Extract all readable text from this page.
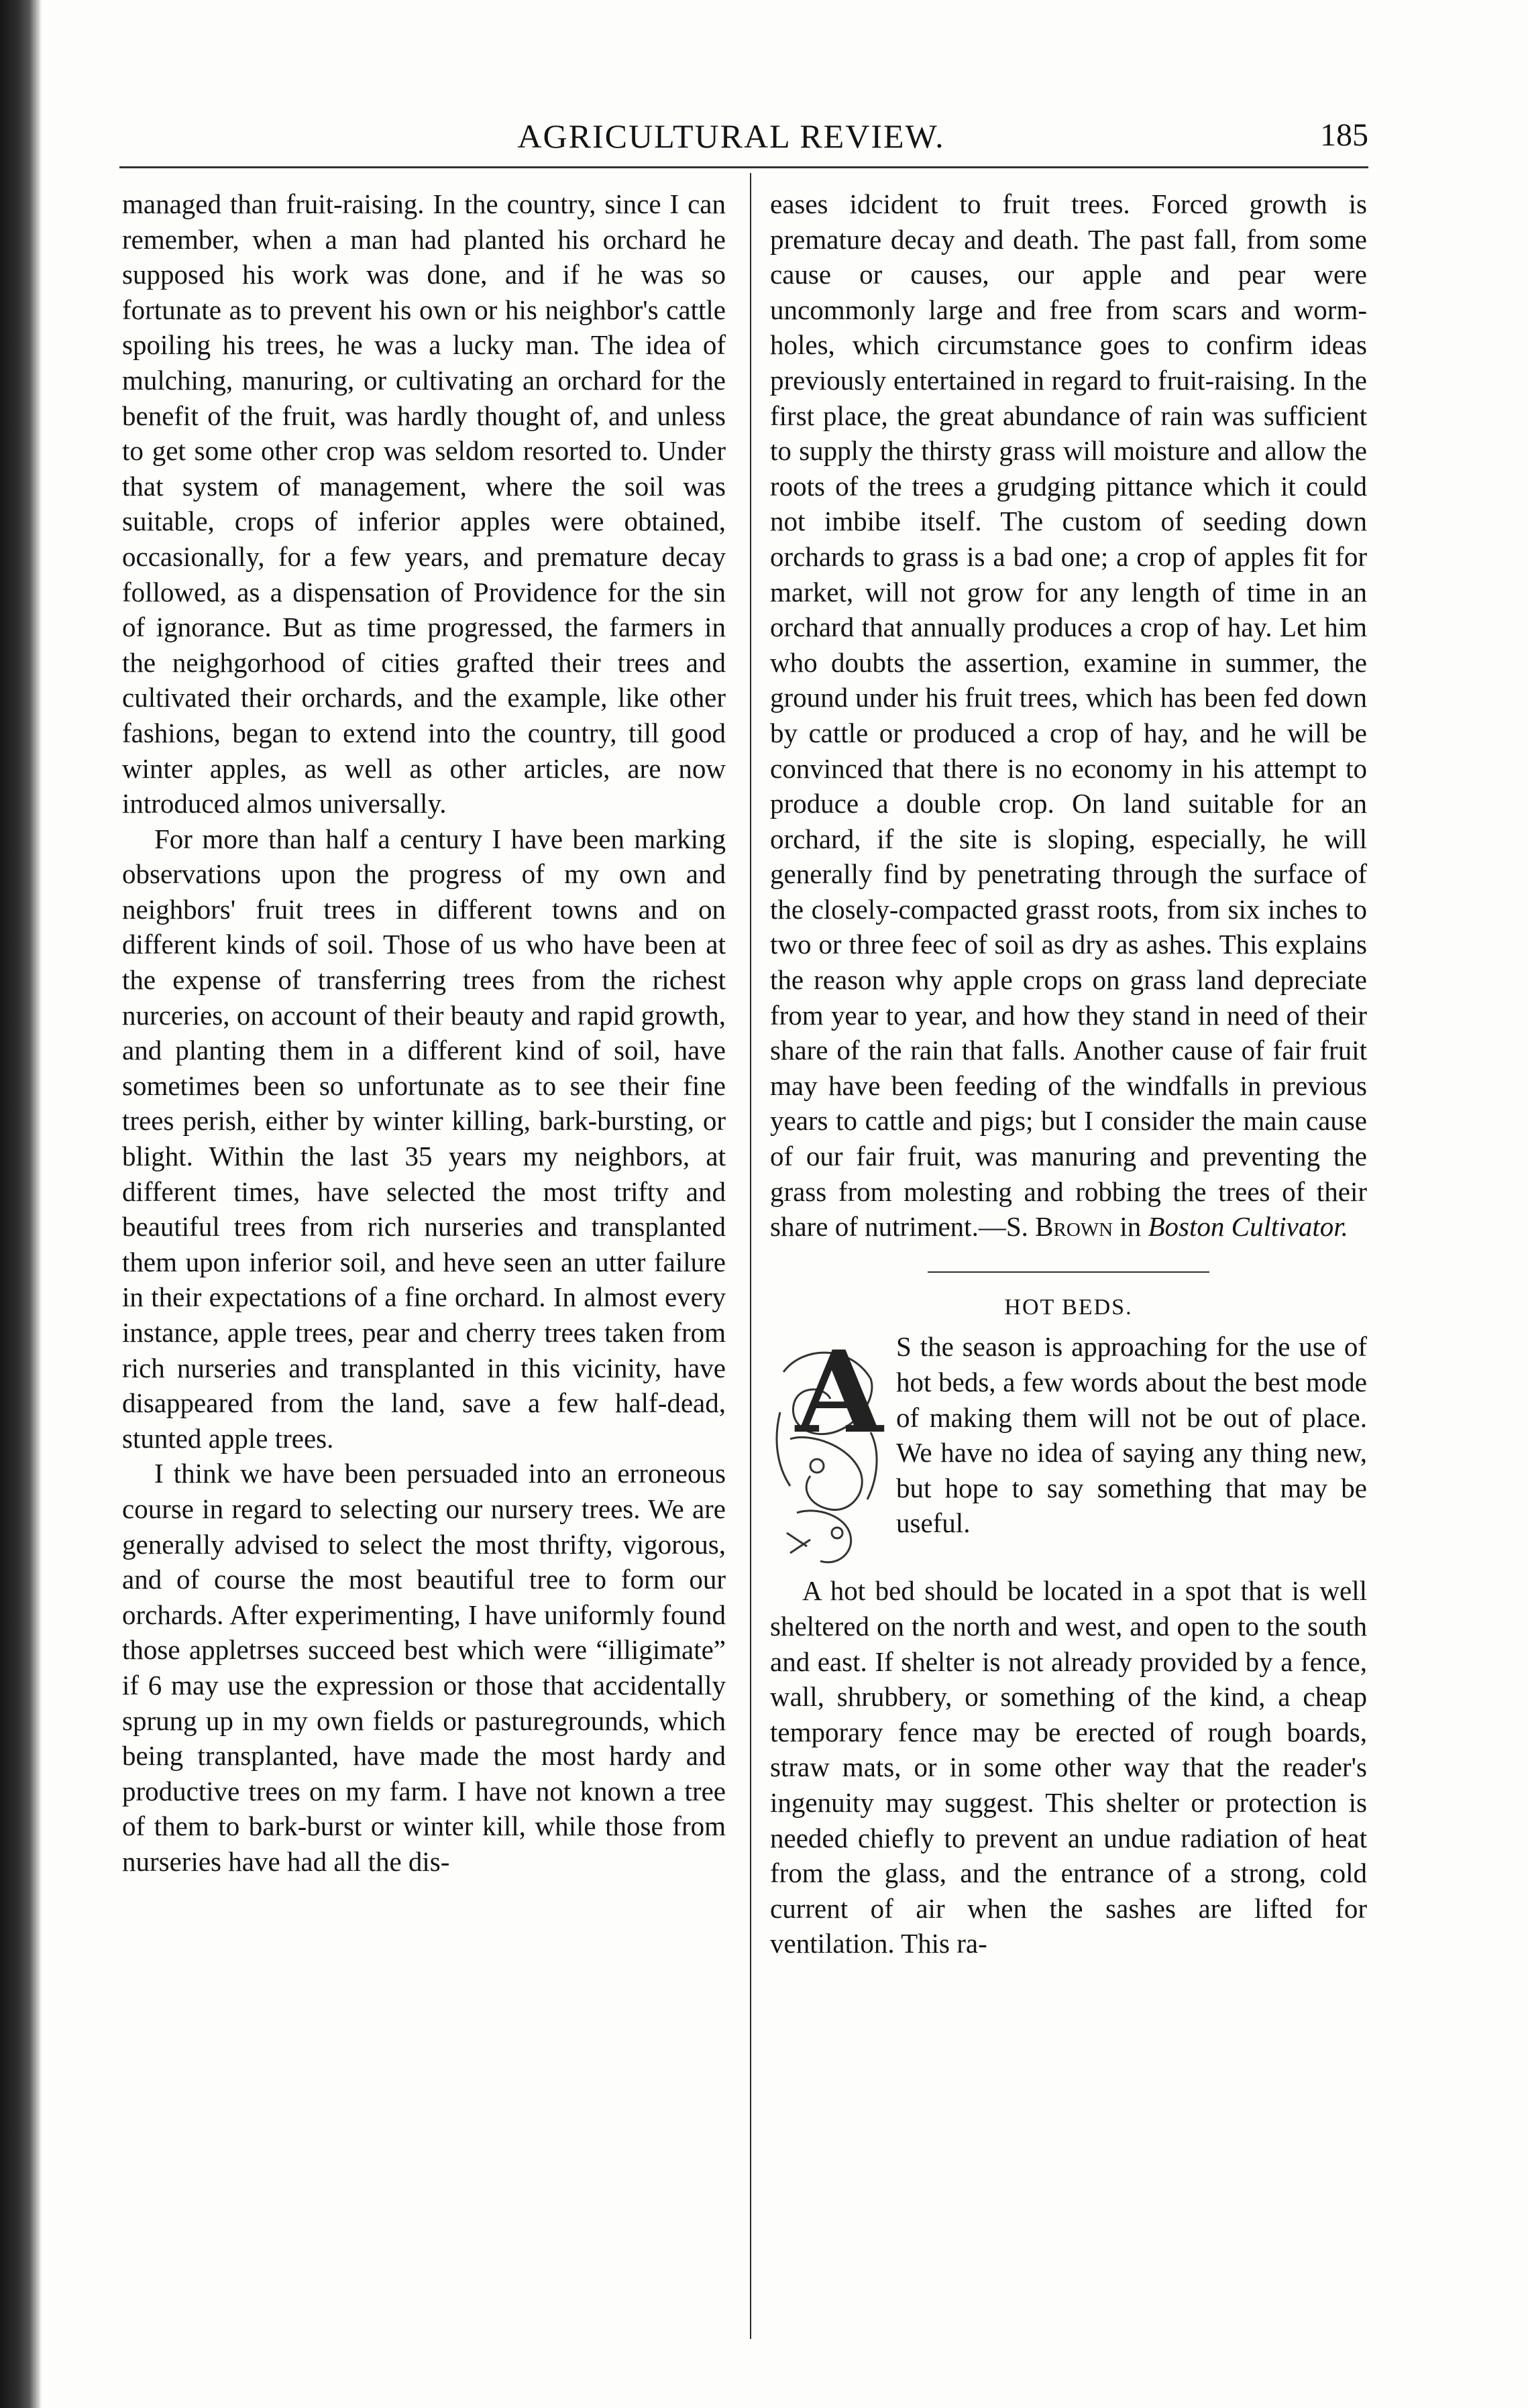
AGRICULTURAL REVIEW.	185

managed than fruit-raising. In the country, since I can remember, when a man had planted his orchard he supposed his work was done, and if he was so fortunate as to prevent his own or his neighbor's cattle spoiling his trees, he was a lucky man. The idea of mulching, manuring, or cultivating an orchard for the benefit of the fruit, was hardly thought of, and unless to get some other crop was seldom resorted to. Under that system of management, where the soil was suitable, crops of inferior apples were obtained, occasionally, for a few years, and premature decay followed, as a dispensation of Providence for the sin of ignorance. But as time progressed, the farmers in the neighgorhood of cities grafted their trees and cultivated their orchards, and the example, like other fashions, began to extend into the country, till good winter apples, as well as other articles, are now introduced almos universally.

For more than half a century I have been marking observations upon the progress of my own and neighbors' fruit trees in different towns and on different kinds of soil. Those of us who have been at the expense of transferring trees from the richest nurceries, on account of their beauty and rapid growth, and planting them in a different kind of soil, have sometimes been so unfortunate as to see their fine trees perish, either by winter killing, bark-bursting, or blight. Within the last 35 years my neighbors, at different times, have selected the most trifty and beautiful trees from rich nurseries and transplanted them upon inferior soil, and heve seen an utter failure in their expectations of a fine orchard. In almost every instance, apple trees, pear and cherry trees taken from rich nurseries and transplanted in this vicinity, have disappeared from the land, save a few half-dead, stunted apple trees.

I think we have been persuaded into an erroneous course in regard to selecting our nursery trees. We are generally advised to select the most thrifty, vigorous, and of course the most beautiful tree to form our orchards. After experimenting, I have uniformly found those appletrses succeed best which were “illigimate” if 6 may use the expression or those that accidentally sprung up in my own fields or pasturegrounds, which being transplanted, have made the most hardy and productive trees on my farm. I have not known a tree of them to bark-burst or winter kill, while those from nurseries have had all the dis-

eases idcident to fruit trees. Forced growth is premature decay and death. The past fall, from some cause or causes, our apple and pear were uncommonly large and free from scars and worm-holes, which circumstance goes to confirm ideas previously entertained in regard to fruit-raising. In the first place, the great abundance of rain was sufficient to supply the thirsty grass will moisture and allow the roots of the trees a grudging pittance which it could not imbibe itself. The custom of seeding down orchards to grass is a bad one; a crop of apples fit for market, will not grow for any length of time in an orchard that annually produces a crop of hay. Let him who doubts the assertion, examine in summer, the ground under his fruit trees, which has been fed down by cattle or produced a crop of hay, and he will be convinced that there is no economy in his attempt to produce a double crop. On land suitable for an orchard, if the site is sloping, especially, he will generally find by penetrating through the surface of the closely-compacted grasst roots, from six inches to two or three feec of soil as dry as ashes. This explains the reason why apple crops on grass land depreciate from year to year, and how they stand in need of their share of the rain that falls. Another cause of fair fruit may have been feeding of the windfalls in previous years to cattle and pigs; but I consider the main cause of our fair fruit, was manuring and preventing the grass from molesting and robbing the trees of their share of nutriment.—S. Brown in Boston Cultivator.

HOT BEDS.
A S the season is approaching for the use of hot beds, a few words about the best mode of making them will not be out of place. We have no idea of saying any thing new, but hope to say something that may be useful.

A hot bed should be located in a spot that is well sheltered on the north and west, and open to the south and east. If shelter is not already provided by a fence, wall, shrubbery, or something of the kind, a cheap temporary fence may be erected of rough boards, straw mats, or in some other way that the reader's ingenuity may suggest. This shelter or protection is needed chiefly to prevent an undue radiation of heat from the glass, and the entrance of a strong, cold current of air when the sashes are lifted for ventilation. This ra-
